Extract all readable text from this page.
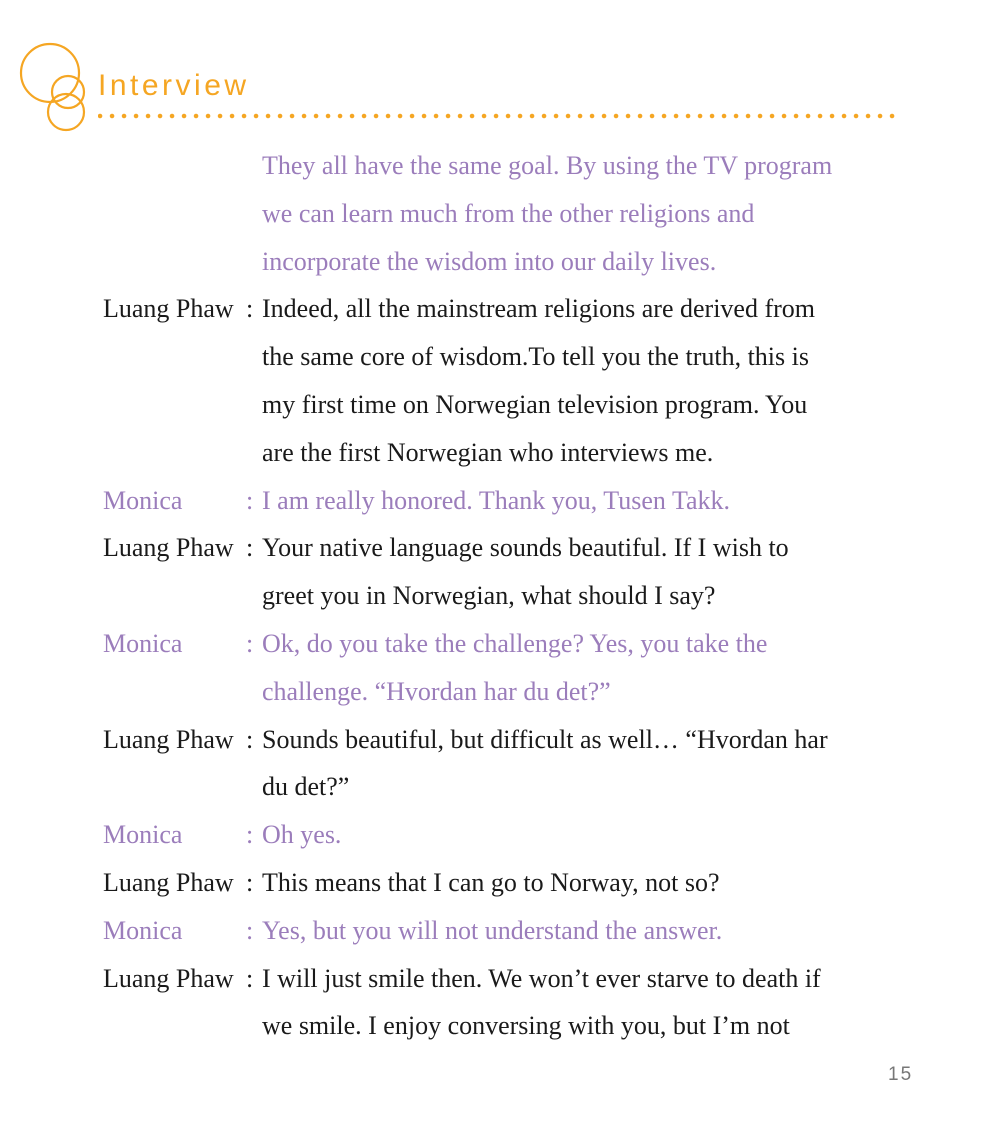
Interview
They all have the same goal. By using the TV program
we can learn much from the other religions and
incorporate the wisdom into our daily lives.
Luang Phaw : Indeed, all the mainstream religions are derived from
the same core of wisdom.To tell you the truth, this is
my first time on Norwegian television program. You
are the first Norwegian who interviews me.
Monica : I am really honored. Thank you, Tusen Takk.
Luang Phaw : Your native language sounds beautiful. If I wish to
greet you in Norwegian, what should I say?
Monica : Ok, do you take the challenge? Yes, you take the
challenge. “Hvordan har du det?”
Luang Phaw : Sounds beautiful, but difficult as well… “Hvordan har
du det?”
Monica : Oh yes.
Luang Phaw : This means that I can go to Norway, not so?
Monica : Yes, but you will not understand the answer.
Luang Phaw : I will just smile then. We won’t ever starve to death if
we smile. I enjoy conversing with you, but I’m not
15
